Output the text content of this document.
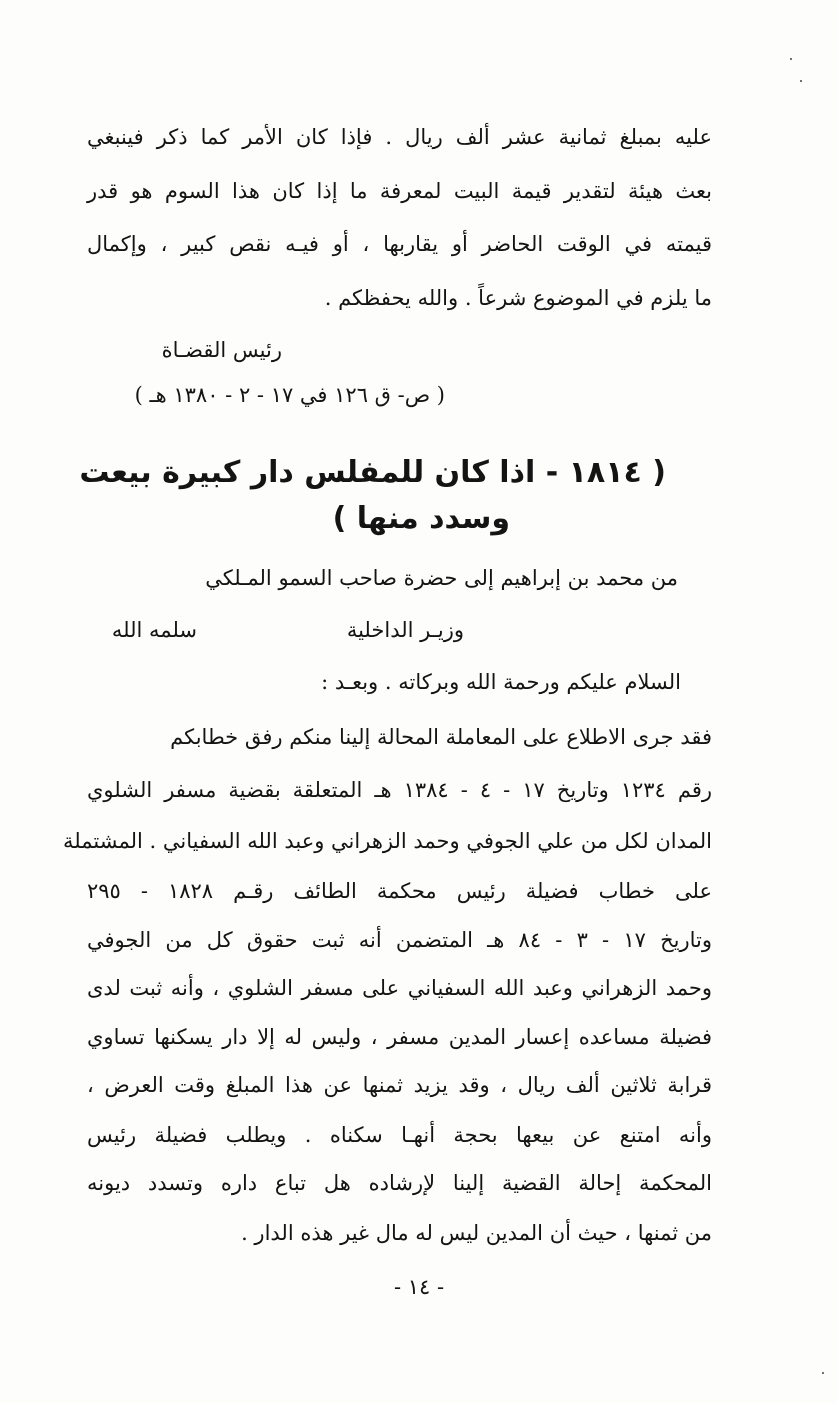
عليه بمبلغ ثمانية عشر ألف ريال . فإذا كان الأمر كما ذكر فينبغي
بعث هيئة لتقدير قيمة البيت لمعرفة ما إذا كان هذا السوم هو قدر
قيمته في الوقت الحاضر أو يقاربها ، أو فيـه نقص كبير ، وإكمال
ما يلزم في الموضوع شرعاً . والله يحفظكم .
رئيس القضـاة
( ص- ق ١٢٦ في ١٧ - ٢ - ١٣٨٠ هـ )
( ١٨١٤ - اذا كان للمفلس دار كبيرة بيعت
وسدد منها )
من محمد بن إبراهيم إلى حضرة صاحب السمو المـلكي
وزيـر الداخلية
سلمه الله
السلام عليكم ورحمة الله وبركاته . وبعـد :
فقد جرى الاطلاع على المعاملة المحالة إلينا منكم رفق خطابكم
رقم ١٢٣٤ وتاريخ ١٧ - ٤ - ١٣٨٤ هـ المتعلقة بقضية مسفر الشلوي
المدان لكل من علي الجوفي وحمد الزهراني وعبد الله السفياني . المشتملة
على خطاب فضيلة رئيس محكمة الطائف رقـم ١٨٢٨ - ٢٩٥
وتاريخ ١٧ - ٣ - ٨٤ هـ المتضمن أنه ثبت حقوق كل من الجوفي
وحمد الزهراني وعبد الله السفياني على مسفر الشلوي ، وأنه ثبت لدى
فضيلة مساعده إعسار المدين مسفر ، وليس له إلا دار يسكنها تساوي
قرابة ثلاثين ألف ريال ، وقد يزيد ثمنها عن هذا المبلغ وقت العرض ،
وأنه امتنع عن بيعها بحجة أنهـا سكناه . ويطلب فضيلة رئيس
المحكمة إحالة القضية إلينا لإرشاده هل تباع داره وتسدد ديونه
من ثمنها ، حيث أن المدين ليس له مال غير هذه الدار .
- ١٤ -
